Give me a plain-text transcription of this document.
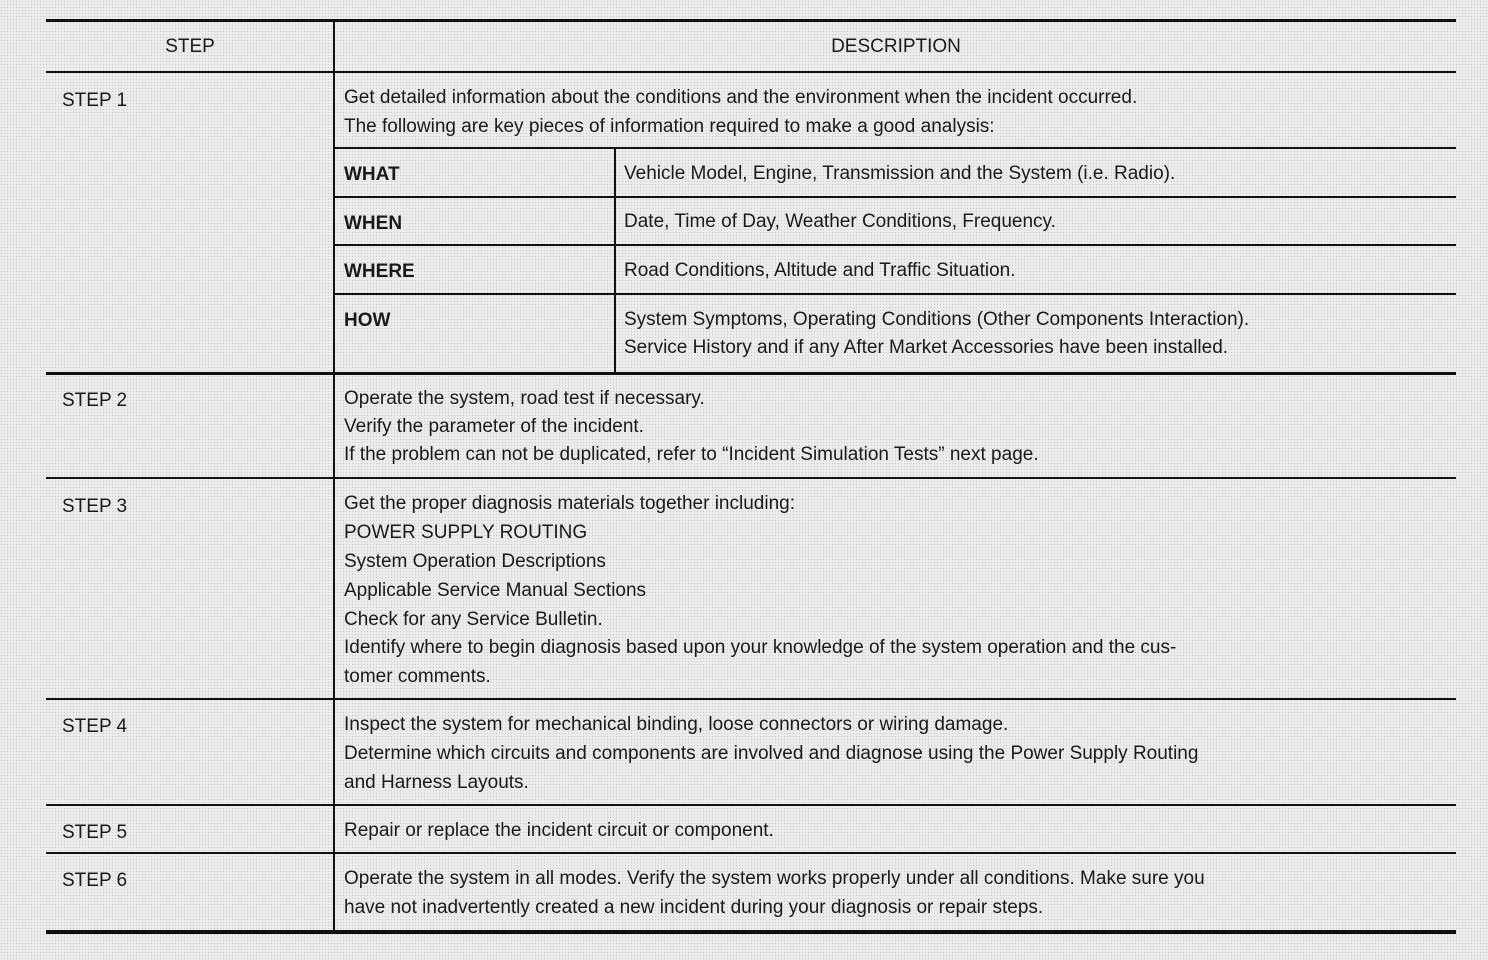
STEP	DESCRIPTION
STEP 1	Get detailed information about the conditions and the environment when the incident occurred.
The following are key pieces of information required to make a good analysis:
WHAT	Vehicle Model, Engine, Transmission and the System (i.e. Radio).
WHEN	Date, Time of Day, Weather Conditions, Frequency.
WHERE	Road Conditions, Altitude and Traffic Situation.
HOW	System Symptoms, Operating Conditions (Other Components Interaction).
Service History and if any After Market Accessories have been installed.
STEP 2	Operate the system, road test if necessary.
Verify the parameter of the incident.
If the problem can not be duplicated, refer to “Incident Simulation Tests” next page.
STEP 3	Get the proper diagnosis materials together including:
POWER SUPPLY ROUTING
System Operation Descriptions
Applicable Service Manual Sections
Check for any Service Bulletin.
Identify where to begin diagnosis based upon your knowledge of the system operation and the cus-
tomer comments.
STEP 4	Inspect the system for mechanical binding, loose connectors or wiring damage.
Determine which circuits and components are involved and diagnose using the Power Supply Routing
and Harness Layouts.
STEP 5	Repair or replace the incident circuit or component.
STEP 6	Operate the system in all modes. Verify the system works properly under all conditions. Make sure you
have not inadvertently created a new incident during your diagnosis or repair steps.
